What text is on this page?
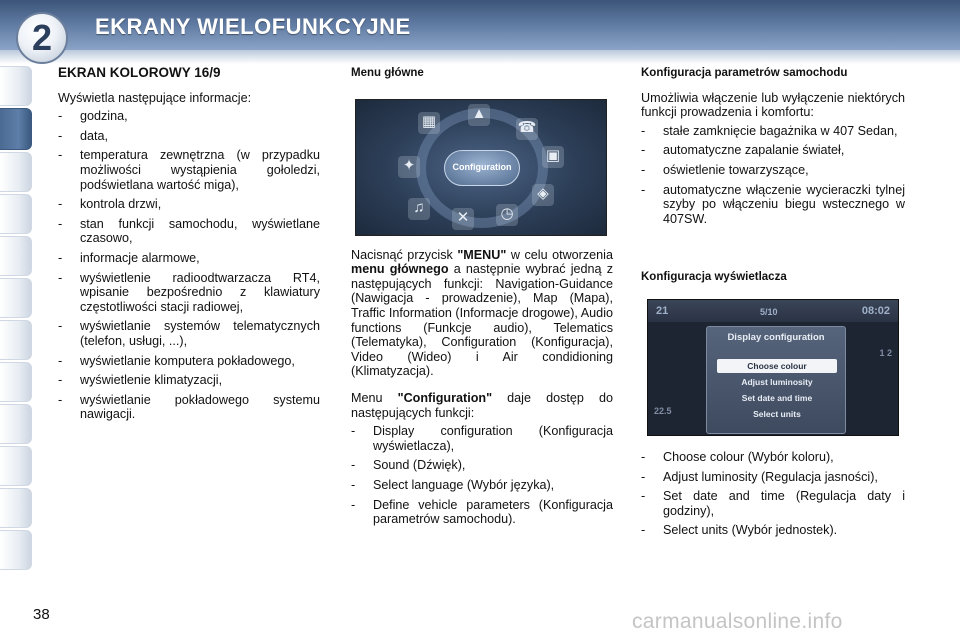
2	EKRANY WIELOFUNKCYJNE
EKRAN KOLOROWY 16/9

Wyświetla następujące informacje:

- godzina,
- data,
- temperatura zewnętrzna (w przypadku możliwości wystąpienia gołoledzi, podświetlana wartość miga),
- kontrola drzwi,
- stan funkcji samochodu, wyświetlane czasowo,
- informacje alarmowe,
- wyświetlenie radioodtwarzacza RT4, wpisanie bezpośrednio z klawiatury częstotliwości stacji radiowej,
- wyświetlanie systemów telematycznych (telefon, usługi, ...),
- wyświetlanie komputera pokładowego,
- wyświetlenie klimatyzacji,
- wyświetlanie pokładowego systemu nawigacji.
Menu główne
▦ ▲
☎
✦
▣
♫
✕	◷
◈
Configuration

Nacisnąć przycisk "MENU" w celu otworzenia menu głównego a następnie wybrać jedną z następujących funkcji: Navigation-Guidance (Nawigacja - prowadzenie), Map (Mapa), Traffic Information (Informacje drogowe), Audio functions (Funkcje audio), Telematics (Telematyka), Configuration (Konfiguracja), Video (Wideo) i Air condidioning (Klimatyzacja).

Menu "Configuration" daje dostęp do następujących funkcji:

- Display configuration (Konfiguracja wyświetlacza),
- Sound (Dźwięk),
- Select language (Wybór języka),
- Define vehicle parameters (Konfiguracja parametrów samochodu).
Konfiguracja parametrów samochodu

Umożliwia włączenie lub wyłączenie niektórych funkcji prowadzenia i komfortu:

- stałe zamknięcie bagażnika w 407 Sedan,
- automatyczne zapalanie świateł,
- oświetlenie towarzyszące,
- automatyczne włączenie wycieraczki tylnej szyby po włączeniu biegu wstecznego w 407SW.
Konfiguracja wyświetlacza
21	5/10	08:02
22.5
1 2
Display configuration
Choose colour
Adjust luminosity
Set date and time
Select units
- Choose colour (Wybór koloru),
- Adjust luminosity (Regulacja jasności),
- Set date and time (Regulacja daty i godziny),
- Select units (Wybór jednostek).
38	carmanualsonline.info
